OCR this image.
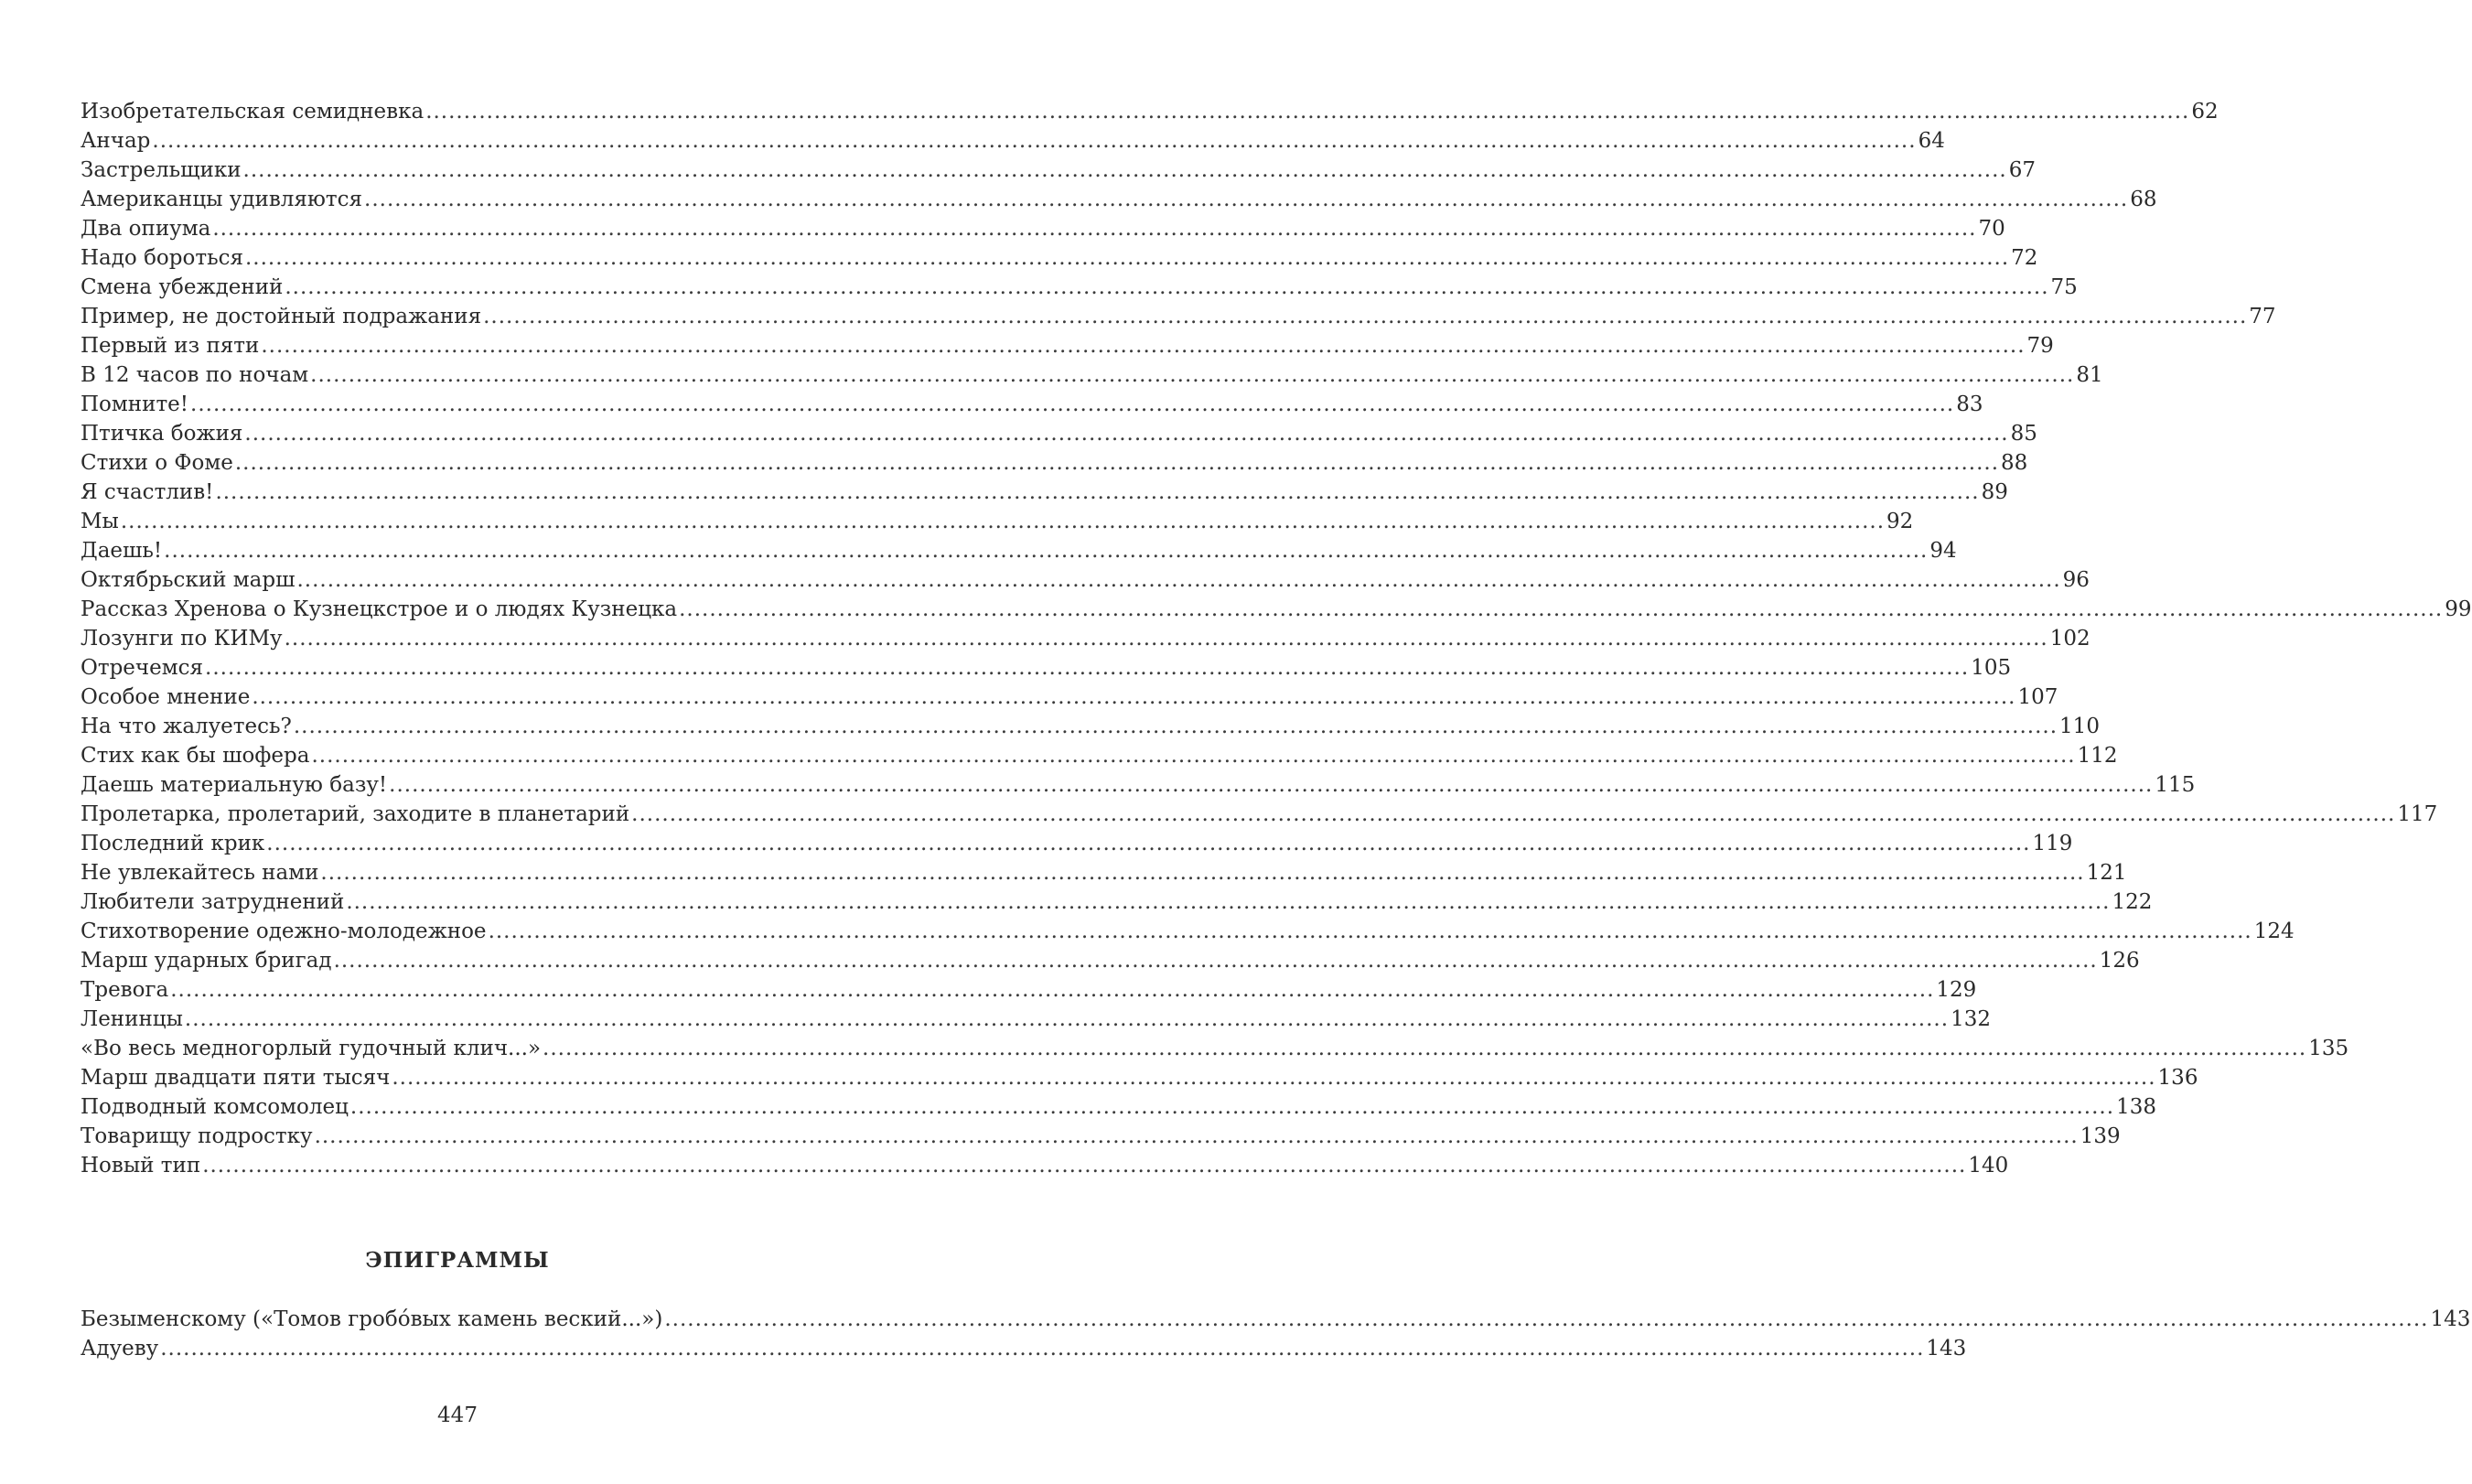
Изобретательская семидневка .....	62
Анчар .....	64
Застрельщики .....	67
Американцы удивляются .....	68
Два опиума .....	70
Надо бороться .....	72
Смена убеждений .....	75
Пример, не достойный подражания .....	77
Первый из пяти .....	79
В 12 часов по ночам .....	81
Помните! .....	83
Птичка божия .....	85
Стихи о Фоме .....	88
Я счастлив! .....	89
Мы .....	92
Даешь! .....	94
Октябрьский марш .....	96
Рассказ Хренова о Кузнецкстрое и о людях Кузнецка .....	99
Лозунги по КИМу .....	102
Отречемся .....	105
Особое мнение .....	107
На что жалуетесь? .....	110
Стих как бы шофера .....	112
Даешь материальную базу! .....	115
Пролетарка, пролетарий, заходите в планетарий .....	117
Последний крик .....	119
Не увлекайтесь нами .....	121
Любители затруднений .....	122
Стихотворение одежно-молодежное .....	124
Марш ударных бригад .....	126
Тревога .....	129
Ленинцы .....	132
«Во весь медногорлый гудочный клич...» .....	135
Марш двадцати пяти тысяч .....	136
Подводный комсомолец .....	138
Товарищу подростку .....	139
Новый тип .....	140
ЭПИГРАММЫ
Безыменскому («Томов гробóвых камень веский...») .....	143
Адуеву .....	143
447
